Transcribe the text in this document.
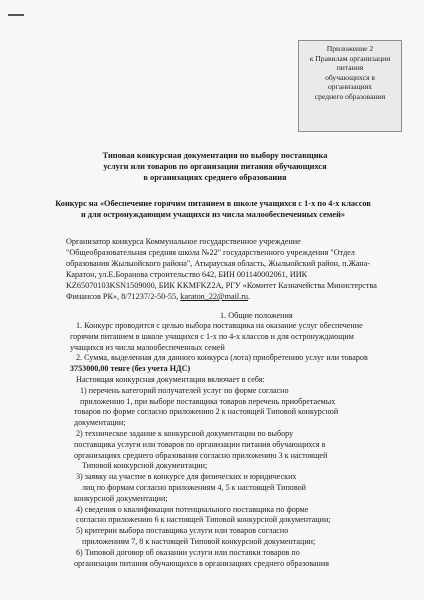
Приложение 2
к Правилам организации
питания
обучающихся в
организациях
среднего образования
Типовая конкурсная документация по выбору поставщика
услуги или товаров по организации питания обучающихся
в организациях среднего образования
Конкурс на «Обеспечение горячим питанием в школе учащихся с 1-х по 4-х классов
и для остронуждающим учащихся из числа малообеспеченных семей»
Организатор конкурса Коммунальное государственное учреждение
"Общеобразовательная средняя школа №22" государственного учреждения "Отдел
образования Жылыойского района", Атырауская область, Жылыойский район, п.Жана-
Каратон, ул.Е.Боранова строительство 642, БИН 001140002061, ИИК
KZ65070103KSN1509000, БИК KKMFKZ2A, РГУ «Комитет Казначейства Министерства
Финансов РК», 8/71237/2-50-55, karaton_22@mail.ru.
1. Общие положения
1. Конкурс проводится с целью выбора поставщика на оказание услуг обеспечение
горячим питанием в школе учащихся с 1-х по 4-х классов и для остронуждающим
учащихся из числа малообеспеченных семей
2. Сумма, выделенная для данного конкурса (лота) приобретению услуг или товаров
3753000,00 тенге (без учета НДС)
Настоящая конкурсная документация включает в себя:
1) перечень категорий получателей услуг по форме согласно
приложению 1, при выборе поставщика товаров перечень приобретаемых
товаров по форме согласно приложению 2 к настоящей Типовой конкурсной
документации;
2) техническое задание к конкурсной документации по выбору
поставщика услуги или товаров по организации питания обучающихся в
организациях среднего образования согласно приложению 3 к настоящей
Типовой конкурсной документации;
3) заявку на участие в конкурсе для физических и юридических
лиц по формам согласно приложениям 4, 5 к настоящей Типовой
конкурсной документации;
4) сведения о квалификации потенциального поставщика по форме
согласно приложению 6 к настоящей Типовой конкурсной документации;
5) критерии выбора поставщика услуги или товаров согласно
приложениям 7, 8 к настоящей Типовой конкурсной документации;
6) Типовой договор об оказании услуги или поставки товаров по
организации питания обучающихся в организациях среднего образования
